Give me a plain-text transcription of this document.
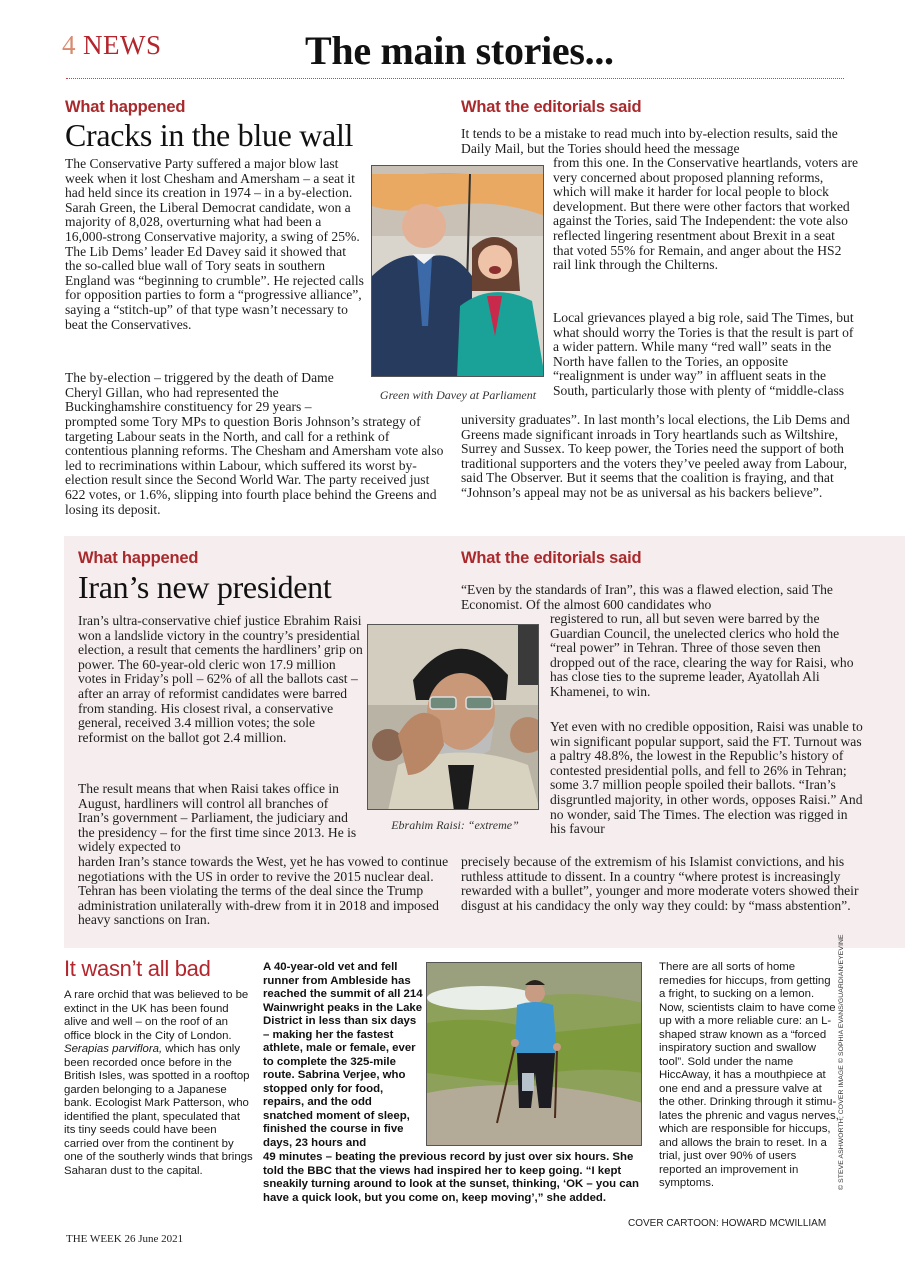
4 NEWS	The main stories...
What happened
Cracks in the blue wall
The Conservative Party suffered a major blow last week when it lost Chesham and Amersham – a seat it had held since its creation in 1974 – in a by-election. Sarah Green, the Liberal Democrat candidate, won a majority of 8,028, overturning what had been a 16,000-strong Conservative majority, a swing of 25%. The Lib Dems’ leader Ed Davey said it showed that the so-called blue wall of Tory seats in southern England was “beginning to crumble”. He rejected calls for opposition parties to form a “progressive alliance”, saying a “stitch-up” of that type wasn’t necessary to beat the Conservatives.
The by-election – triggered by the death of Dame Cheryl Gillan, who had represented the Buckinghamshire constituency for 29 years –
prompted some Tory MPs to question Boris Johnson’s strategy of targeting Labour seats in the North, and call for a rethink of contentious planning reforms. The Chesham and Amersham vote also led to recriminations within Labour, which suffered its worst by-election result since the Second World War. The party received just 622 votes, or 1.6%, slipping into fourth place behind the Greens and losing its deposit.
Green with Davey at Parliament
What the editorials said
It tends to be a mistake to read much into by-election results, said the Daily Mail, but the Tories should heed the message
from this one. In the Conservative heartlands, voters are very concerned about proposed planning reforms, which will make it harder for local people to block development. But there were other factors that worked against the Tories, said The Independent: the vote also reflected lingering resentment about Brexit in a seat that voted 55% for Remain, and anger about the HS2 rail link through the Chilterns.
Local grievances played a big role, said The Times, but what should worry the Tories is that the result is part of a wider pattern. While many “red wall” seats in the North have fallen to the Tories, an opposite “realignment is under way” in affluent seats in the South, particularly those with plenty of “middle-class
university graduates”. In last month’s local elections, the Lib Dems and Greens made significant inroads in Tory heartlands such as Wiltshire, Surrey and Sussex. To keep power, the Tories need the support of both traditional supporters and the voters they’ve peeled away from Labour, said The Observer. But it seems that the coalition is fraying, and that “Johnson’s appeal may not be as universal as his backers believe”.
What happened
Iran’s new president
Iran’s ultra-conservative chief justice Ebrahim Raisi won a landslide victory in the country’s presidential election, a result that cements the hardliners’ grip on power. The 60-year-old cleric won 17.9 million votes in Friday’s poll – 62% of all the ballots cast – after an array of reformist candidates were barred from standing. His closest rival, a conservative general, received 3.4 million votes; the sole reformist on the ballot got 2.4 million.
The result means that when Raisi takes office in August, hardliners will control all branches of Iran’s government – Parliament, the judiciary and the presidency – for the first time since 2013. He is widely expected to
harden Iran’s stance towards the West, yet he has vowed to continue negotiations with the US in order to revive the 2015 nuclear deal. Tehran has been violating the terms of the deal since the Trump administration unilaterally with-drew from it in 2018 and imposed heavy sanctions on Iran.
Ebrahim Raisi: “extreme”
What the editorials said
“Even by the standards of Iran”, this was a flawed election, said The Economist. Of the almost 600 candidates who
registered to run, all but seven were barred by the Guardian Council, the unelected clerics who hold the “real power” in Tehran. Three of those seven then dropped out of the race, clearing the way for Raisi, who has close ties to the supreme leader, Ayatollah Ali Khamenei, to win.
Yet even with no credible opposition, Raisi was unable to win significant popular support, said the FT. Turnout was a paltry 48.8%, the lowest in the Republic’s history of contested presidential polls, and fell to 26% in Tehran; some 3.7 million people spoiled their ballots. “Iran’s disgruntled majority, in other words, opposes Raisi.” And no wonder, said The Times. The election was rigged in his favour
precisely because of the extremism of his Islamist convictions, and his ruthless attitude to dissent. In a country “where protest is increasingly rewarded with a bullet”, younger and more moderate voters showed their disgust at his candidacy the only way they could: by “mass abstention”.
It wasn’t all bad
A rare orchid that was believed to be extinct in the UK has been found alive and well – on the roof of an office block in the City of London. Serapias parviflora, which has only been recorded once before in the British Isles, was spotted in a rooftop garden belonging to a Japanese bank. Ecologist Mark Patterson, who identified the plant, speculated that its tiny seeds could have been carried over from the continent by one of the southerly winds that brings Saharan dust to the capital.
A 40-year-old vet and fell runner from Ambleside has reached the summit of all 214 Wainwright peaks in the Lake District in less than six days – making her the fastest athlete, male or female, ever to complete the 325-mile route. Sabrina Verjee, who stopped only for food, repairs, and the odd snatched moment of sleep, finished the course in five days, 23 hours and
49 minutes – beating the previous record by just over six hours. She told the BBC that the views had inspired her to keep going. “I kept sneakily turning around to look at the sunset, thinking, ‘OK – you can have a quick look, but you come on, keep moving’,” she added.
There are all sorts of home remedies for hiccups, from getting a fright, to sucking on a lemon. Now, scientists claim to have come up with a more reliable cure: an L-shaped straw known as a “forced inspiratory suction and swallow tool”. Sold under the name HiccAway, it has a mouthpiece at one end and a pressure valve at the other. Drinking through it stimu-lates the phrenic and vagus nerves, which are responsible for hiccups, and allows the brain to reset. In a trial, just over 90% of users reported an improvement in symptoms.	© STEVE ASHWORTH; COVER IMAGE © SOPHIA EVANS/GUARDIAN/EYEVINE
COVER CARTOON: HOWARD MCWILLIAM
THE WEEK 26 June 2021
